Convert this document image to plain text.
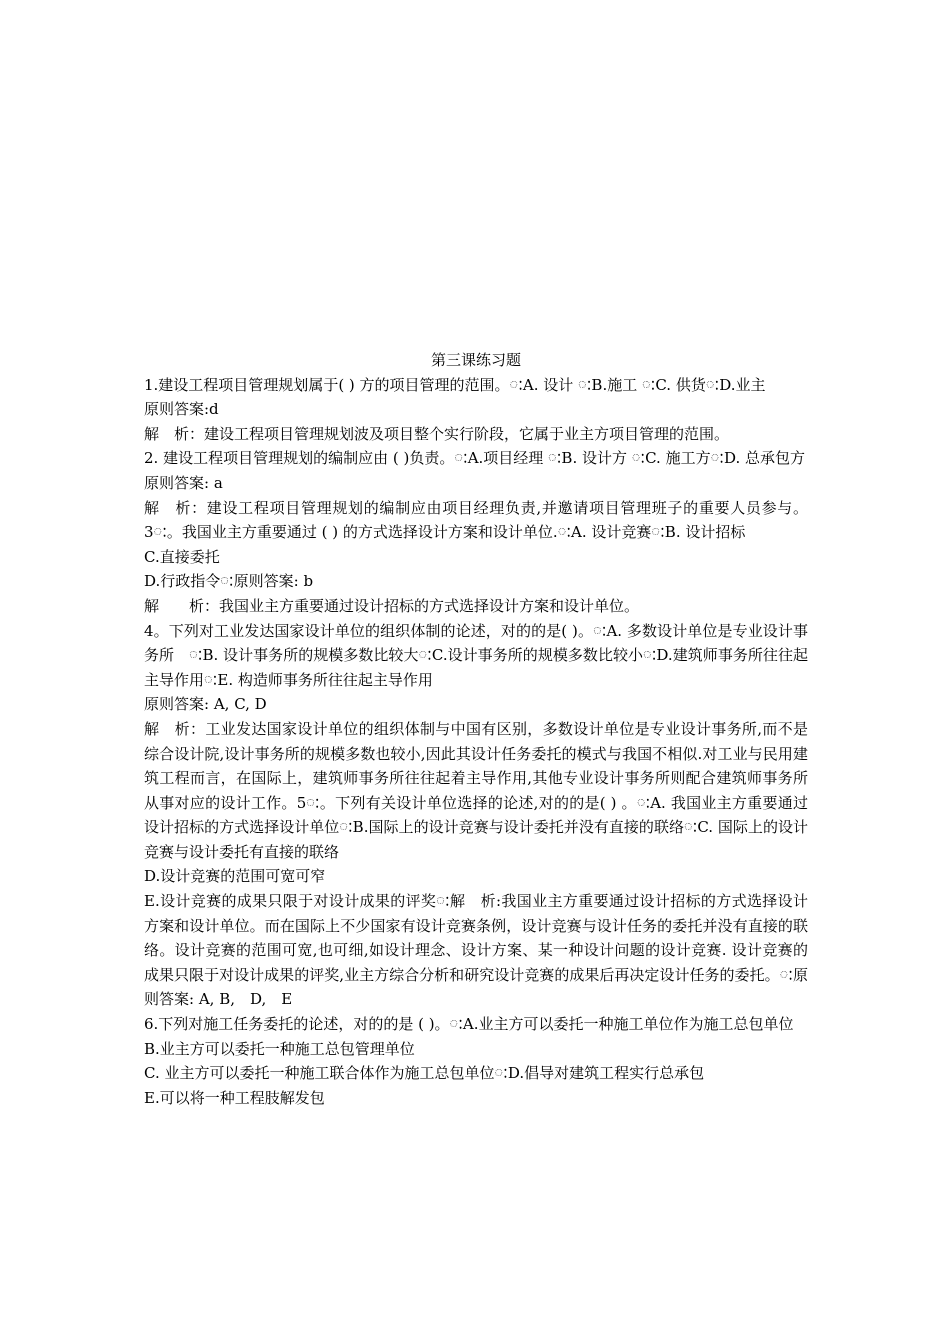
第三课练习题

1.建设工程项目管理规划属于( ) 方的项目管理的范围。ៈA. 设计 ៈB.施工 ៈC. 供货ៈD.业主

原则答案:d

解　析：建设工程项目管理规划波及项目整个实行阶段，它属于业主方项目管理的范围。

2. 建设工程项目管理规划的编制应由 ( )负责。ៈA.项目经理 ៈB. 设计方 ៈC. 施工方ៈD. 总承包方

原则答案: a

解　析：建设工程项目管理规划的编制应由项目经理负责,并邀请项目管理班子的重要人员参与。 3ៈ。我国业主方重要通过 ( ) 的方式选择设计方案和设计单位.ៈA. 设计竞赛ៈB. 设计招标

C.直接委托

D.行政指令ៈ原则答案: b

解　　析：我国业主方重要通过设计招标的方式选择设计方案和设计单位。

4。下列对工业发达国家设计单位的组织体制的论述，对的的是( )。ៈA. 多数设计单位是专业设计事务所　ៈB. 设计事务所的规模多数比较大ៈC.设计事务所的规模多数比较小ៈD.建筑师事务所往往起主导作用ៈE. 构造师事务所往往起主导作用

原则答案: A, C, D

解　析：工业发达国家设计单位的组织体制与中国有区别，多数设计单位是专业设计事务所,而不是综合设计院,设计事务所的规模多数也较小,因此其设计任务委托的模式与我国不相似.对工业与民用建筑工程而言，在国际上，建筑师事务所往往起着主导作用,其他专业设计事务所则配合建筑师事务所从事对应的设计工作。5ៈ。下列有关设计单位选择的论述,对的的是( ) 。ៈA. 我国业主方重要通过设计招标的方式选择设计单位ៈB.国际上的设计竞赛与设计委托并没有直接的联络ៈC. 国际上的设计竞赛与设计委托有直接的联络

D.设计竞赛的范围可宽可窄

E.设计竞赛的成果只限于对设计成果的评奖ៈ解　析:我国业主方重要通过设计招标的方式选择设计方案和设计单位。而在国际上不少国家有设计竞赛条例，设计竞赛与设计任务的委托并没有直接的联络。设计竞赛的范围可宽,也可细,如设计理念、设计方案、某一种设计问题的设计竞赛. 设计竞赛的成果只限于对设计成果的评奖,业主方综合分析和研究设计竞赛的成果后再决定设计任务的委托。ៈ原则答案: A, B,　D,　E

6.下列对施工任务委托的论述，对的的是 ( )。ៈA.业主方可以委托一种施工单位作为施工总包单位

B.业主方可以委托一种施工总包管理单位

C. 业主方可以委托一种施工联合体作为施工总包单位ៈD.倡导对建筑工程实行总承包

E.可以将一种工程肢解发包
